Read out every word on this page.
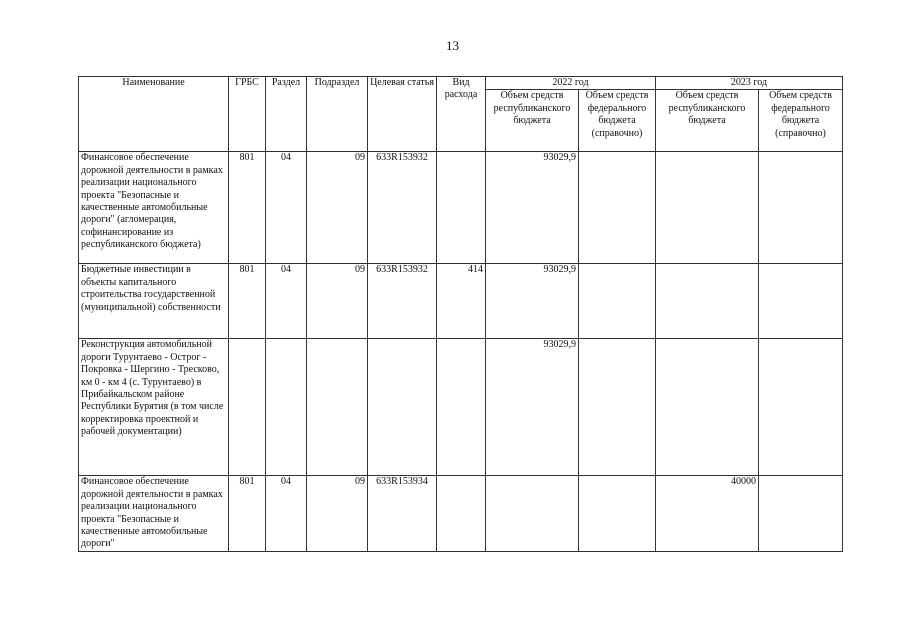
13
Наименование	ГРБС	Раздел	Подраздел	Целевая статья	Вид расхода	2022 год		2023 год	
						Объем средств республиканского бюджета	Объем средств федерального бюджета (справочно)	Объем средств республиканского бюджета	Объем средств федерального бюджета (справочно)
Финансовое обеспечение дорожной деятельности в рамках реализации национального проекта "Безопасные и качественные автомобильные дороги" (агломерация, софинансирование из республиканского бюджета)	801	04	09	633R153932		93029,9			
Бюджетные инвестиции в объекты капитального строительства государственной (муниципальной) собственности	801	04	09	633R153932	414	93029,9			
Реконструкция автомобильной дороги Турунтаево - Острог - Покровка - Шергино - Тресково, км 0 - км 4 (с. Турунтаево) в Прибайкальском районе Республики Бурятия (в том числе корректировка проектной и рабочей документации)						93029,9			
Финансовое обеспечение дорожной деятельности в рамках реализации национального проекта "Безопасные и качественные автомобильные дороги"	801	04	09	633R153934				40000	
